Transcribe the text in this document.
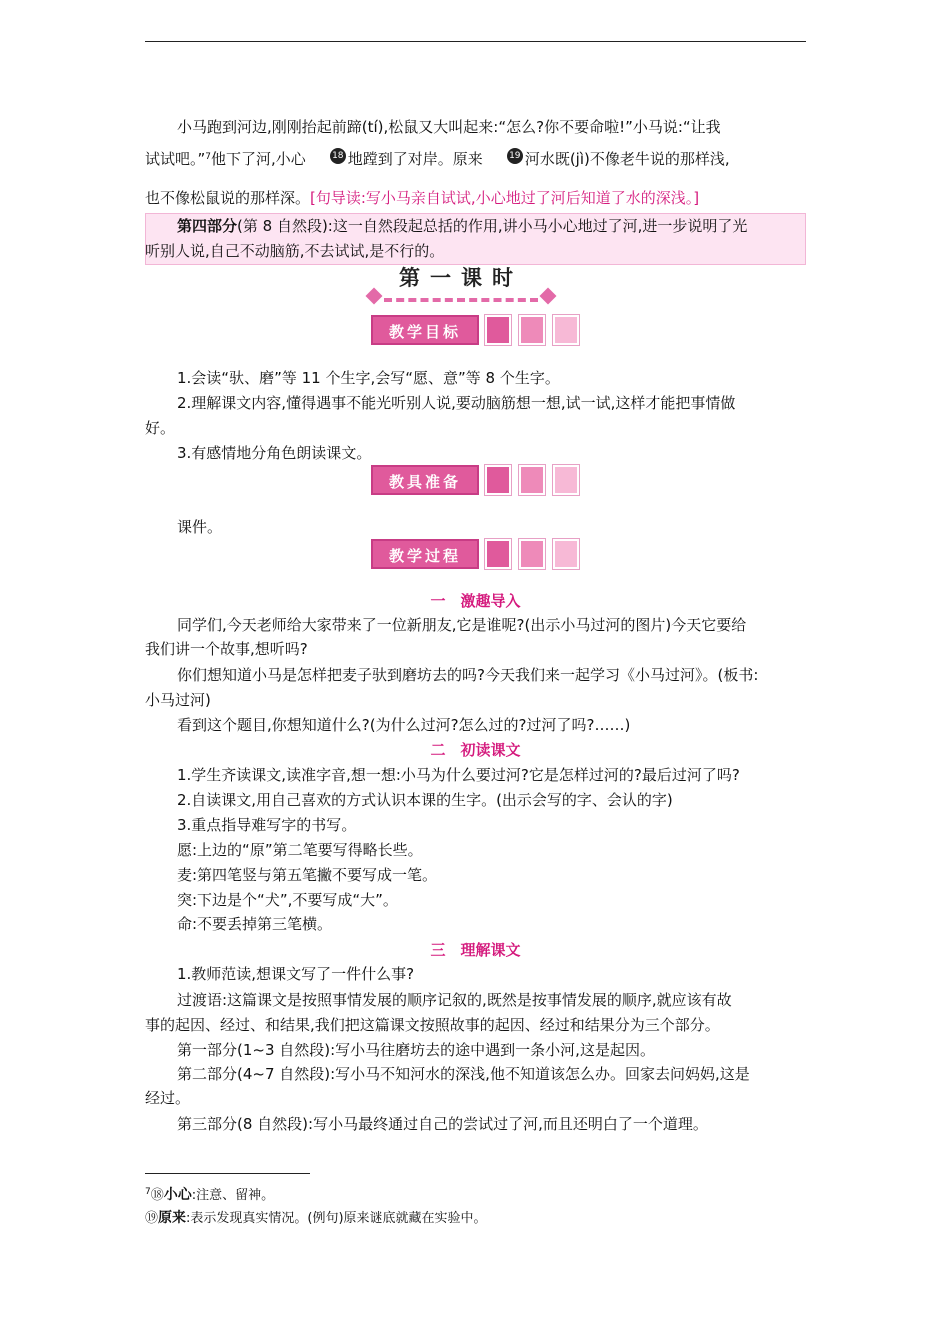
小马跑到河边,刚刚抬起前蹄(tí),松鼠又大叫起来:“怎么?你不要命啦!”小马说:“让我
试试吧。”$^7$他下了河,小心	18 地蹚到了对岸。原来	19 河水既(jì)不像老牛说的那样浅,
也不像松鼠说的那样深。[句导读:写小马亲自试试,小心地过了河后知道了水的深浅。]
第四部分(第 8 自然段):这一自然段起总括的作用,讲小马小心地过了河,进一步说明了光
听别人说,自己不动脑筋,不去试试,是不行的。
第一课时
教学目标
1.会读“驮、磨”等 11 个生字,会写“愿、意”等 8 个生字。
2.理解课文内容,懂得遇事不能光听别人说,要动脑筋想一想,试一试,这样才能把事情做
好。
3.有感情地分角色朗读课文。
教具准备
课件。
教学过程
一　激趣导入
同学们,今天老师给大家带来了一位新朋友,它是谁呢?(出示小马过河的图片)今天它要给
我们讲一个故事,想听吗?
你们想知道小马是怎样把麦子驮到磨坊去的吗?今天我们来一起学习《小马过河》。(板书:
小马过河)
看到这个题目,你想知道什么?(为什么过河?怎么过的?过河了吗?……)
二　初读课文
1.学生齐读课文,读准字音,想一想:小马为什么要过河?它是怎样过河的?最后过河了吗?
2.自读课文,用自己喜欢的方式认识本课的生字。(出示会写的字、会认的字)
3.重点指导难写字的书写。
愿:上边的“原”第二笔要写得略长些。
麦:第四笔竖与第五笔撇不要写成一笔。
突:下边是个“犬”,不要写成“大”。
命:不要丢掉第三笔横。
三　理解课文
1.教师范读,想课文写了一件什么事?
过渡语:这篇课文是按照事情发展的顺序记叙的,既然是按事情发展的顺序,就应该有故
事的起因、经过、和结果,我们把这篇课文按照故事的起因、经过和结果分为三个部分。
第一部分(1~3 自然段):写小马往磨坊去的途中遇到一条小河,这是起因。
第二部分(4~7 自然段):写小马不知河水的深浅,他不知道该怎么办。回家去问妈妈,这是
经过。
第三部分(8 自然段):写小马最终通过自己的尝试过了河,而且还明白了一个道理。
$^7$⑱小心:注意、留神。
⑲原来:表示发现真实情况。(例句)原来谜底就藏在实验中。
